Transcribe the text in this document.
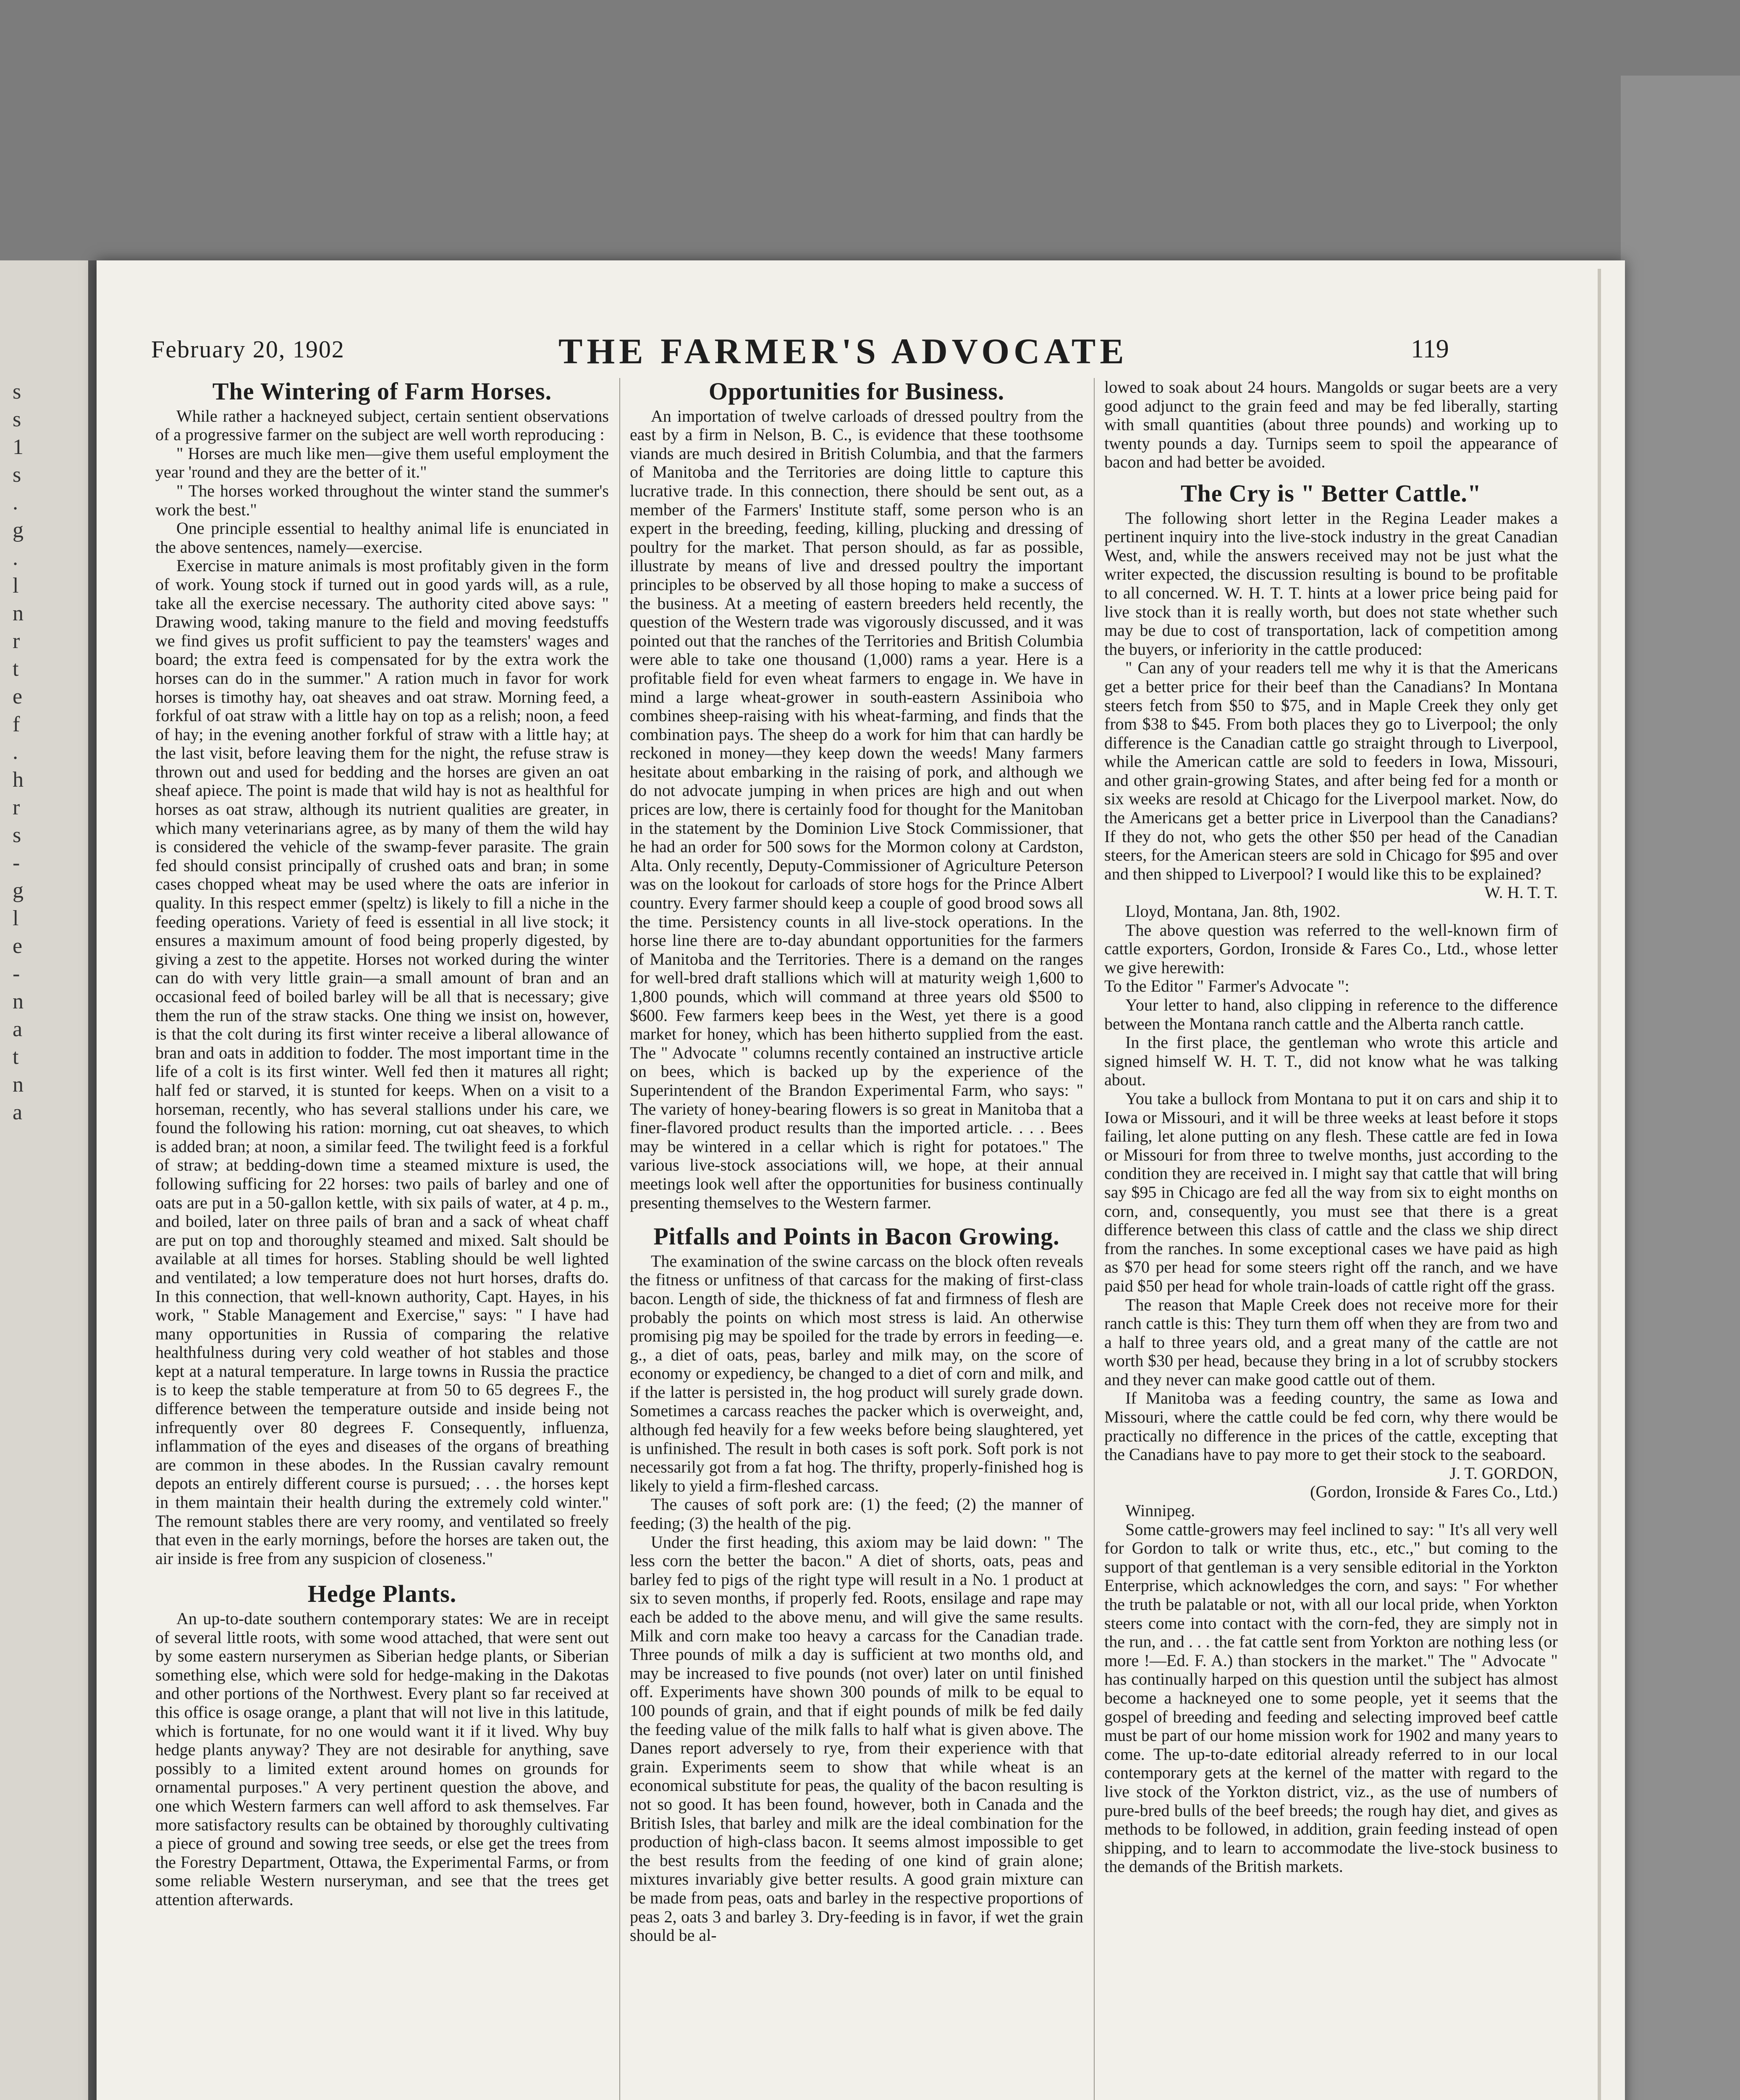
s
s
1
s
.
g
.
l
n
r
t
e
f
.
h
r
s
-
g
l
e
-
n
a
t
n
a
February 20, 1902	THE FARMER'S ADVOCATE	119
The Wintering of Farm Horses.

While rather a hackneyed subject, certain sentient observations of a progressive farmer on the subject are well worth reproducing :

" Horses are much like men—give them useful employment the year 'round and they are the better of it."

" The horses worked throughout the winter stand the summer's work the best."

One principle essential to healthy animal life is enunciated in the above sentences, namely—exercise.

Exercise in mature animals is most profitably given in the form of work. Young stock if turned out in good yards will, as a rule, take all the exercise necessary. The authority cited above says: " Drawing wood, taking manure to the field and moving feedstuffs we find gives us profit sufficient to pay the teamsters' wages and board; the extra feed is compensated for by the extra work the horses can do in the summer." A ration much in favor for work horses is timothy hay, oat sheaves and oat straw. Morning feed, a forkful of oat straw with a little hay on top as a relish; noon, a feed of hay; in the evening another forkful of straw with a little hay; at the last visit, before leaving them for the night, the refuse straw is thrown out and used for bedding and the horses are given an oat sheaf apiece. The point is made that wild hay is not as healthful for horses as oat straw, although its nutrient qualities are greater, in which many veterinarians agree, as by many of them the wild hay is considered the vehicle of the swamp-fever parasite. The grain fed should consist principally of crushed oats and bran; in some cases chopped wheat may be used where the oats are inferior in quality. In this respect emmer (speltz) is likely to fill a niche in the feeding operations. Variety of feed is essential in all live stock; it ensures a maximum amount of food being properly digested, by giving a zest to the appetite. Horses not worked during the winter can do with very little grain—a small amount of bran and an occasional feed of boiled barley will be all that is necessary; give them the run of the straw stacks. One thing we insist on, however, is that the colt during its first winter receive a liberal allowance of bran and oats in addition to fodder. The most important time in the life of a colt is its first winter. Well fed then it matures all right; half fed or starved, it is stunted for keeps. When on a visit to a horseman, recently, who has several stallions under his care, we found the following his ration: morning, cut oat sheaves, to which is added bran; at noon, a similar feed. The twilight feed is a forkful of straw; at bedding-down time a steamed mixture is used, the following sufficing for 22 horses: two pails of barley and one of oats are put in a 50-gallon kettle, with six pails of water, at 4 p. m., and boiled, later on three pails of bran and a sack of wheat chaff are put on top and thoroughly steamed and mixed. Salt should be available at all times for horses. Stabling should be well lighted and ventilated; a low temperature does not hurt horses, drafts do. In this connection, that well-known authority, Capt. Hayes, in his work, " Stable Management and Exercise," says: " I have had many opportunities in Russia of comparing the relative healthfulness during very cold weather of hot stables and those kept at a natural temperature. In large towns in Russia the practice is to keep the stable temperature at from 50 to 65 degrees F., the difference between the temperature outside and inside being not infrequently over 80 degrees F. Consequently, influenza, inflammation of the eyes and diseases of the organs of breathing are common in these abodes. In the Russian cavalry remount depots an entirely different course is pursued; . . . the horses kept in them maintain their health during the extremely cold winter." The remount stables there are very roomy, and ventilated so freely that even in the early mornings, before the horses are taken out, the air inside is free from any suspicion of closeness."

Hedge Plants.

An up-to-date southern contemporary states: We are in receipt of several little roots, with some wood attached, that were sent out by some eastern nurserymen as Siberian hedge plants, or Siberian something else, which were sold for hedge-making in the Dakotas and other portions of the Northwest. Every plant so far received at this office is osage orange, a plant that will not live in this latitude, which is fortunate, for no one would want it if it lived. Why buy hedge plants anyway? They are not desirable for anything, save possibly to a limited extent around homes on grounds for ornamental purposes." A very pertinent question the above, and one which Western farmers can well afford to ask themselves. Far more satisfactory results can be obtained by thoroughly cultivating a piece of ground and sowing tree seeds, or else get the trees from the Forestry Department, Ottawa, the Experimental Farms, or from some reliable Western nurseryman, and see that the trees get attention afterwards.

Opportunities for Business.

An importation of twelve carloads of dressed poultry from the east by a firm in Nelson, B. C., is evidence that these toothsome viands are much desired in British Columbia, and that the farmers of Manitoba and the Territories are doing little to capture this lucrative trade. In this connection, there should be sent out, as a member of the Farmers' Institute staff, some person who is an expert in the breeding, feeding, killing, plucking and dressing of poultry for the market. That person should, as far as possible, illustrate by means of live and dressed poultry the important principles to be observed by all those hoping to make a success of the business. At a meeting of eastern breeders held recently, the question of the Western trade was vigorously discussed, and it was pointed out that the ranches of the Territories and British Columbia were able to take one thousand (1,000) rams a year. Here is a profitable field for even wheat farmers to engage in. We have in mind a large wheat-grower in south-eastern Assiniboia who combines sheep-raising with his wheat-farming, and finds that the combination pays. The sheep do a work for him that can hardly be reckoned in money—they keep down the weeds! Many farmers hesitate about embarking in the raising of pork, and although we do not advocate jumping in when prices are high and out when prices are low, there is certainly food for thought for the Manitoban in the statement by the Dominion Live Stock Commissioner, that he had an order for 500 sows for the Mormon colony at Cardston, Alta. Only recently, Deputy-Commissioner of Agriculture Peterson was on the lookout for carloads of store hogs for the Prince Albert country. Every farmer should keep a couple of good brood sows all the time. Persistency counts in all live-stock operations. In the horse line there are to-day abundant opportunities for the farmers of Manitoba and the Territories. There is a demand on the ranges for well-bred draft stallions which will at maturity weigh 1,600 to 1,800 pounds, which will command at three years old $500 to $600. Few farmers keep bees in the West, yet there is a good market for honey, which has been hitherto supplied from the east. The " Advocate " columns recently contained an instructive article on bees, which is backed up by the experience of the Superintendent of the Brandon Experimental Farm, who says: " The variety of honey-bearing flowers is so great in Manitoba that a finer-flavored product results than the imported article. . . . Bees may be wintered in a cellar which is right for potatoes." The various live-stock associations will, we hope, at their annual meetings look well after the opportunities for business continually presenting themselves to the Western farmer.

Pitfalls and Points in Bacon Growing.

The examination of the swine carcass on the block often reveals the fitness or unfitness of that carcass for the making of first-class bacon. Length of side, the thickness of fat and firmness of flesh are probably the points on which most stress is laid. An otherwise promising pig may be spoiled for the trade by errors in feeding—e. g., a diet of oats, peas, barley and milk may, on the score of economy or expediency, be changed to a diet of corn and milk, and if the latter is persisted in, the hog product will surely grade down. Sometimes a carcass reaches the packer which is overweight, and, although fed heavily for a few weeks before being slaughtered, yet is unfinished. The result in both cases is soft pork. Soft pork is not necessarily got from a fat hog. The thrifty, properly-finished hog is likely to yield a firm-fleshed carcass.

The causes of soft pork are: (1) the feed; (2) the manner of feeding; (3) the health of the pig.

Under the first heading, this axiom may be laid down: " The less corn the better the bacon." A diet of shorts, oats, peas and barley fed to pigs of the right type will result in a No. 1 product at six to seven months, if properly fed. Roots, ensilage and rape may each be added to the above menu, and will give the same results. Milk and corn make too heavy a carcass for the Canadian trade. Three pounds of milk a day is sufficient at two months old, and may be increased to five pounds (not over) later on until finished off. Experiments have shown 300 pounds of milk to be equal to 100 pounds of grain, and that if eight pounds of milk be fed daily the feeding value of the milk falls to half what is given above. The Danes report adversely to rye, from their experience with that grain. Experiments seem to show that while wheat is an economical substitute for peas, the quality of the bacon resulting is not so good. It has been found, however, both in Canada and the British Isles, that barley and milk are the ideal combination for the production of high-class bacon. It seems almost impossible to get the best results from the feeding of one kind of grain alone; mixtures invariably give better results. A good grain mixture can be made from peas, oats and barley in the respective proportions of peas 2, oats 3 and barley 3. Dry-feeding is in favor, if wet the grain should be al-

lowed to soak about 24 hours. Mangolds or sugar beets are a very good adjunct to the grain feed and may be fed liberally, starting with small quantities (about three pounds) and working up to twenty pounds a day. Turnips seem to spoil the appearance of bacon and had better be avoided.

The Cry is " Better Cattle."

The following short letter in the Regina Leader makes a pertinent inquiry into the live-stock industry in the great Canadian West, and, while the answers received may not be just what the writer expected, the discussion resulting is bound to be profitable to all concerned. W. H. T. T. hints at a lower price being paid for live stock than it is really worth, but does not state whether such may be due to cost of transportation, lack of competition among the buyers, or inferiority in the cattle produced:

" Can any of your readers tell me why it is that the Americans get a better price for their beef than the Canadians? In Montana steers fetch from $50 to $75, and in Maple Creek they only get from $38 to $45. From both places they go to Liverpool; the only difference is the Canadian cattle go straight through to Liverpool, while the American cattle are sold to feeders in Iowa, Missouri, and other grain-growing States, and after being fed for a month or six weeks are resold at Chicago for the Liverpool market. Now, do the Americans get a better price in Liverpool than the Canadians? If they do not, who gets the other $50 per head of the Canadian steers, for the American steers are sold in Chicago for $95 and over and then shipped to Liverpool? I would like this to be explained?

W. H. T. T.

Lloyd, Montana, Jan. 8th, 1902.

The above question was referred to the well-known firm of cattle exporters, Gordon, Ironside & Fares Co., Ltd., whose letter we give herewith:

To the Editor " Farmer's Advocate ":

Your letter to hand, also clipping in reference to the difference between the Montana ranch cattle and the Alberta ranch cattle.

In the first place, the gentleman who wrote this article and signed himself W. H. T. T., did not know what he was talking about.

You take a bullock from Montana to put it on cars and ship it to Iowa or Missouri, and it will be three weeks at least before it stops failing, let alone putting on any flesh. These cattle are fed in Iowa or Missouri for from three to twelve months, just according to the condition they are received in. I might say that cattle that will bring say $95 in Chicago are fed all the way from six to eight months on corn, and, consequently, you must see that there is a great difference between this class of cattle and the class we ship direct from the ranches. In some exceptional cases we have paid as high as $70 per head for some steers right off the ranch, and we have paid $50 per head for whole train-loads of cattle right off the grass.

The reason that Maple Creek does not receive more for their ranch cattle is this: They turn them off when they are from two and a half to three years old, and a great many of the cattle are not worth $30 per head, because they bring in a lot of scrubby stockers and they never can make good cattle out of them.

If Manitoba was a feeding country, the same as Iowa and Missouri, where the cattle could be fed corn, why there would be practically no difference in the prices of the cattle, excepting that the Canadians have to pay more to get their stock to the seaboard.

J. T. GORDON,

(Gordon, Ironside & Fares Co., Ltd.)

Winnipeg.

Some cattle-growers may feel inclined to say: " It's all very well for Gordon to talk or write thus, etc., etc.," but coming to the support of that gentleman is a very sensible editorial in the Yorkton Enterprise, which acknowledges the corn, and says: " For whether the truth be palatable or not, with all our local pride, when Yorkton steers come into contact with the corn-fed, they are simply not in the run, and . . . the fat cattle sent from Yorkton are nothing less (or more !—Ed. F. A.) than stockers in the market." The " Advocate " has continually harped on this question until the subject has almost become a hackneyed one to some people, yet it seems that the gospel of breeding and feeding and selecting improved beef cattle must be part of our home mission work for 1902 and many years to come. The up-to-date editorial already referred to in our local contemporary gets at the kernel of the matter with regard to the live stock of the Yorkton district, viz., as the use of numbers of pure-bred bulls of the beef breeds; the rough hay diet, and gives as methods to be followed, in addition, grain feeding instead of open shipping, and to learn to accommodate the live-stock business to the demands of the British markets.
